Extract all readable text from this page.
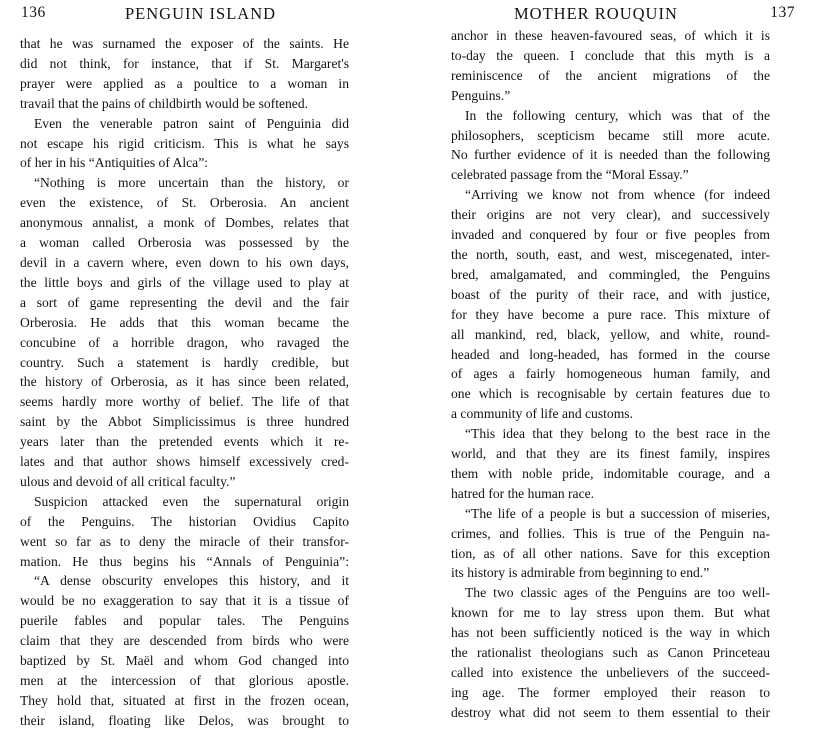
136	PENGUIN ISLAND
that he was surnamed the exposer of the saints. He
did not think, for instance, that if St. Margaret's
prayer were applied as a poultice to a woman in
travail that the pains of childbirth would be softened.
Even the venerable patron saint of Penguinia did
not escape his rigid criticism. This is what he says
of her in his “Antiquities of Alca”:
“Nothing is more uncertain than the history, or
even the existence, of St. Orberosia. An ancient
anonymous annalist, a monk of Dombes, relates that
a woman called Orberosia was possessed by the
devil in a cavern where, even down to his own days,
the little boys and girls of the village used to play at
a sort of game representing the devil and the fair
Orberosia. He adds that this woman became the
concubine of a horrible dragon, who ravaged the
country. Such a statement is hardly credible, but
the history of Orberosia, as it has since been related,
seems hardly more worthy of belief. The life of that
saint by the Abbot Simplicissimus is three hundred
years later than the pretended events which it re-
lates and that author shows himself excessively cred-
ulous and devoid of all critical faculty.”
Suspicion attacked even the supernatural origin
of the Penguins. The historian Ovidius Capito
went so far as to deny the miracle of their transfor-
mation. He thus begins his “Annals of Penguinia”:
“A dense obscurity envelopes this history, and it
would be no exaggeration to say that it is a tissue of
puerile fables and popular tales. The Penguins
claim that they are descended from birds who were
baptized by St. Maël and whom God changed into
men at the intercession of that glorious apostle.
They hold that, situated at first in the frozen ocean,
their island, floating like Delos, was brought to
MOTHER ROUQUIN	137
anchor in these heaven-favoured seas, of which it is
to-day the queen. I conclude that this myth is a
reminiscence of the ancient migrations of the
Penguins.”
In the following century, which was that of the
philosophers, scepticism became still more acute.
No further evidence of it is needed than the following
celebrated passage from the “Moral Essay.”
“Arriving we know not from whence (for indeed
their origins are not very clear), and successively
invaded and conquered by four or five peoples from
the north, south, east, and west, miscegenated, inter-
bred, amalgamated, and commingled, the Penguins
boast of the purity of their race, and with justice,
for they have become a pure race. This mixture of
all mankind, red, black, yellow, and white, round-
headed and long-headed, has formed in the course
of ages a fairly homogeneous human family, and
one which is recognisable by certain features due to
a community of life and customs.
“This idea that they belong to the best race in the
world, and that they are its finest family, inspires
them with noble pride, indomitable courage, and a
hatred for the human race.
“The life of a people is but a succession of miseries,
crimes, and follies. This is true of the Penguin na-
tion, as of all other nations. Save for this exception
its history is admirable from beginning to end.”
The two classic ages of the Penguins are too well-
known for me to lay stress upon them. But what
has not been sufficiently noticed is the way in which
the rationalist theologians such as Canon Princeteau
called into existence the unbelievers of the succeed-
ing age. The former employed their reason to
destroy what did not seem to them essential to their
